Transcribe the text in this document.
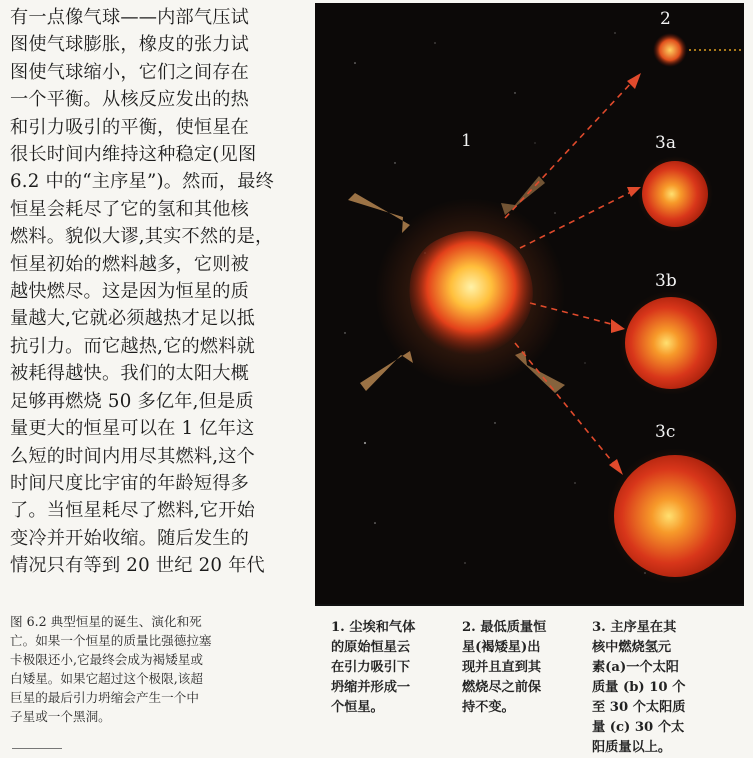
有一点像气球——内部气压试
图使气球膨胀，橡皮的张力试
图使气球缩小，它们之间存在
一个平衡。从核反应发出的热
和引力吸引的平衡，使恒星在
很长时间内维持这种稳定(见图
6.2 中的“主序星”)。然而，最终
恒星会耗尽了它的氢和其他核
燃料。貌似大谬,其实不然的是，
恒星初始的燃料越多，它则被
越快燃尽。这是因为恒星的质
量越大,它就必须越热才足以抵
抗引力。而它越热,它的燃料就
被耗得越快。我们的太阳大概
足够再燃烧 50 多亿年,但是质
量更大的恒星可以在 1 亿年这
么短的时间内用尽其燃料,这个
时间尺度比宇宙的年龄短得多
了。当恒星耗尽了燃料,它开始
变冷并开始收缩。随后发生的
情况只有等到 20 世纪 20 年代
图 6.2 典型恒星的诞生、演化和死
亡。如果一个恒星的质量比强德拉塞
卡极限还小,它最终会成为褐矮星或
白矮星。如果它超过这个极限,该超
巨星的最后引力坍缩会产生一个中
子星或一个黑洞。
1
2
3a
3b
3c
1. 尘埃和气体
的原始恒星云
在引力吸引下
坍缩并形成一
个恒星。
2. 最低质量恒
星(褐矮星)出
现并且直到其
燃烧尽之前保
持不变。
3. 主序星在其
核中燃烧氢元
素(a)一个太阳
质量 (b) 10 个
至 30 个太阳质
量 (c) 30 个太
阳质量以上。
